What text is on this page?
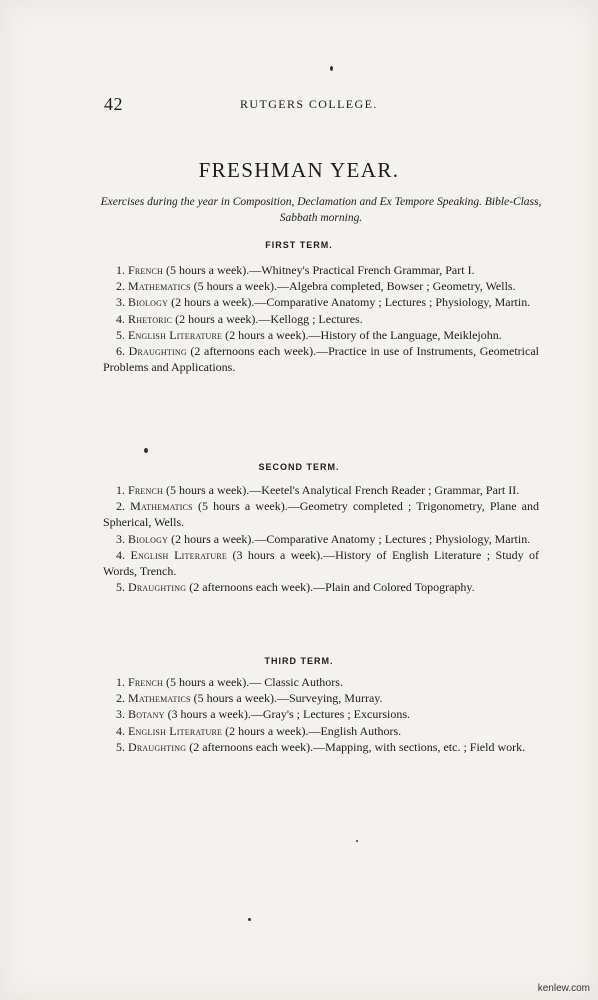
42	RUTGERS COLLEGE.
FRESHMAN YEAR.
Exercises during the year in Composition, Declamation and Ex Tempore Speaking. Bible-Class, Sabbath morning.
FIRST TERM.

1. French (5 hours a week).—Whitney's Practical French Grammar, Part I.

2. Mathematics (5 hours a week).—Algebra completed, Bowser ; Geometry, Wells.

3. Biology (2 hours a week).—Comparative Anatomy ; Lectures ; Physiology, Martin.

4. Rhetoric (2 hours a week).—Kellogg ; Lectures.

5. English Literature (2 hours a week).—History of the Language, Meiklejohn.

6. Draughting (2 afternoons each week).—Practice in use of Instruments, Geometrical Problems and Applications.

SECOND TERM.

1. French (5 hours a week).—Keetel's Analytical French Reader ; Grammar, Part II.

2. Mathematics (5 hours a week).—Geometry completed ; Trigonometry, Plane and Spherical, Wells.

3. Biology (2 hours a week).—Comparative Anatomy ; Lectures ; Physiology, Martin.

4. English Literature (3 hours a week).—History of English Literature ; Study of Words, Trench.

5. Draughting (2 afternoons each week).—Plain and Colored Topography.

THIRD TERM.

1. French (5 hours a week).— Classic Authors.

2. Mathematics (5 hours a week).—Surveying, Murray.

3. Botany (3 hours a week).—Gray's ; Lectures ; Excursions.

4. English Literature (2 hours a week).—English Authors.

5. Draughting (2 afternoons each week).—Mapping, with sections, etc. ; Field work.

kenlew.com
